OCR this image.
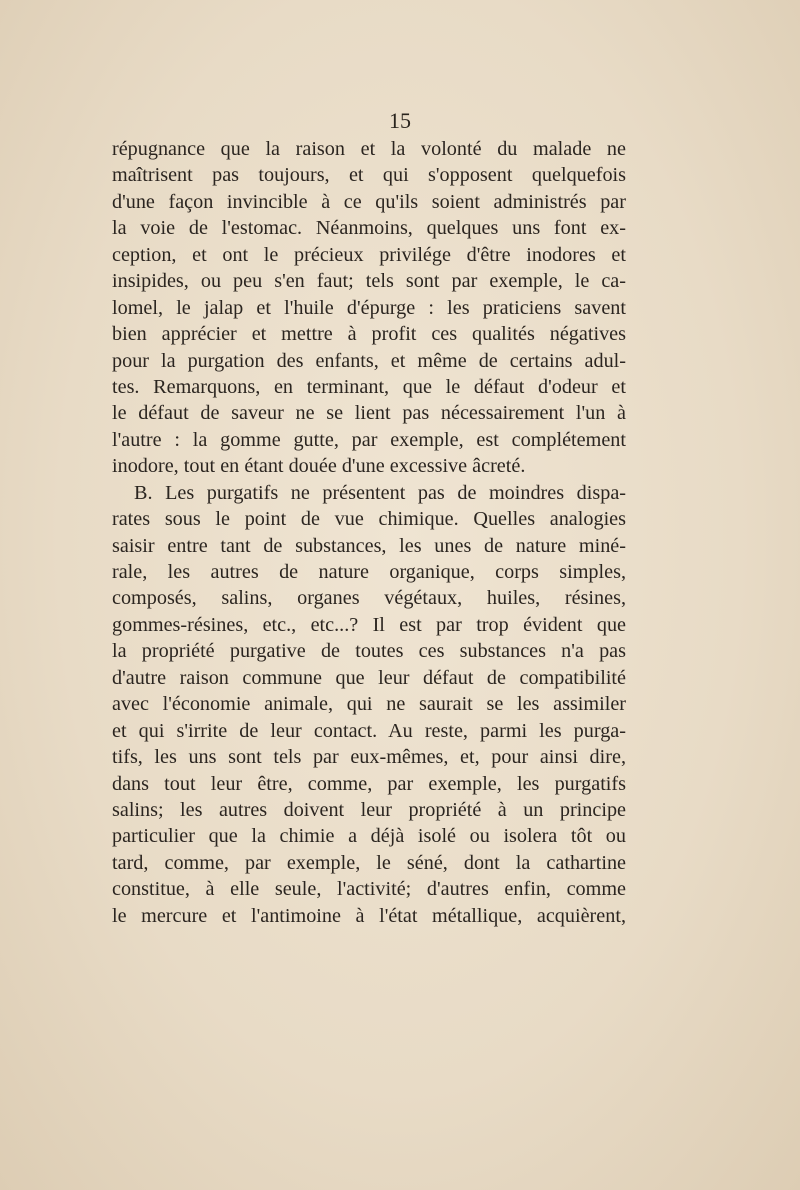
15
répugnance que la raison et la volonté du malade ne
maîtrisent pas toujours, et qui s'opposent quelquefois
d'une façon invincible à ce qu'ils soient administrés par
la voie de l'estomac. Néanmoins, quelques uns font ex-
ception, et ont le précieux privilége d'être inodores et
insipides, ou peu s'en faut; tels sont par exemple, le ca-
lomel, le jalap et l'huile d'épurge : les praticiens savent
bien apprécier et mettre à profit ces qualités négatives
pour la purgation des enfants, et même de certains adul-
tes. Remarquons, en terminant, que le défaut d'odeur et
le défaut de saveur ne se lient pas nécessairement l'un à
l'autre : la gomme gutte, par exemple, est complétement
inodore, tout en étant douée d'une excessive âcreté.
B. Les purgatifs ne présentent pas de moindres dispa-
rates sous le point de vue chimique. Quelles analogies
saisir entre tant de substances, les unes de nature miné-
rale, les autres de nature organique, corps simples,
composés, salins, organes végétaux, huiles, résines,
gommes-résines, etc., etc...? Il est par trop évident que
la propriété purgative de toutes ces substances n'a pas
d'autre raison commune que leur défaut de compatibilité
avec l'économie animale, qui ne saurait se les assimiler
et qui s'irrite de leur contact. Au reste, parmi les purga-
tifs, les uns sont tels par eux-mêmes, et, pour ainsi dire,
dans tout leur être, comme, par exemple, les purgatifs
salins; les autres doivent leur propriété à un principe
particulier que la chimie a déjà isolé ou isolera tôt ou
tard, comme, par exemple, le séné, dont la cathartine
constitue, à elle seule, l'activité; d'autres enfin, comme
le mercure et l'antimoine à l'état métallique, acquièrent,
